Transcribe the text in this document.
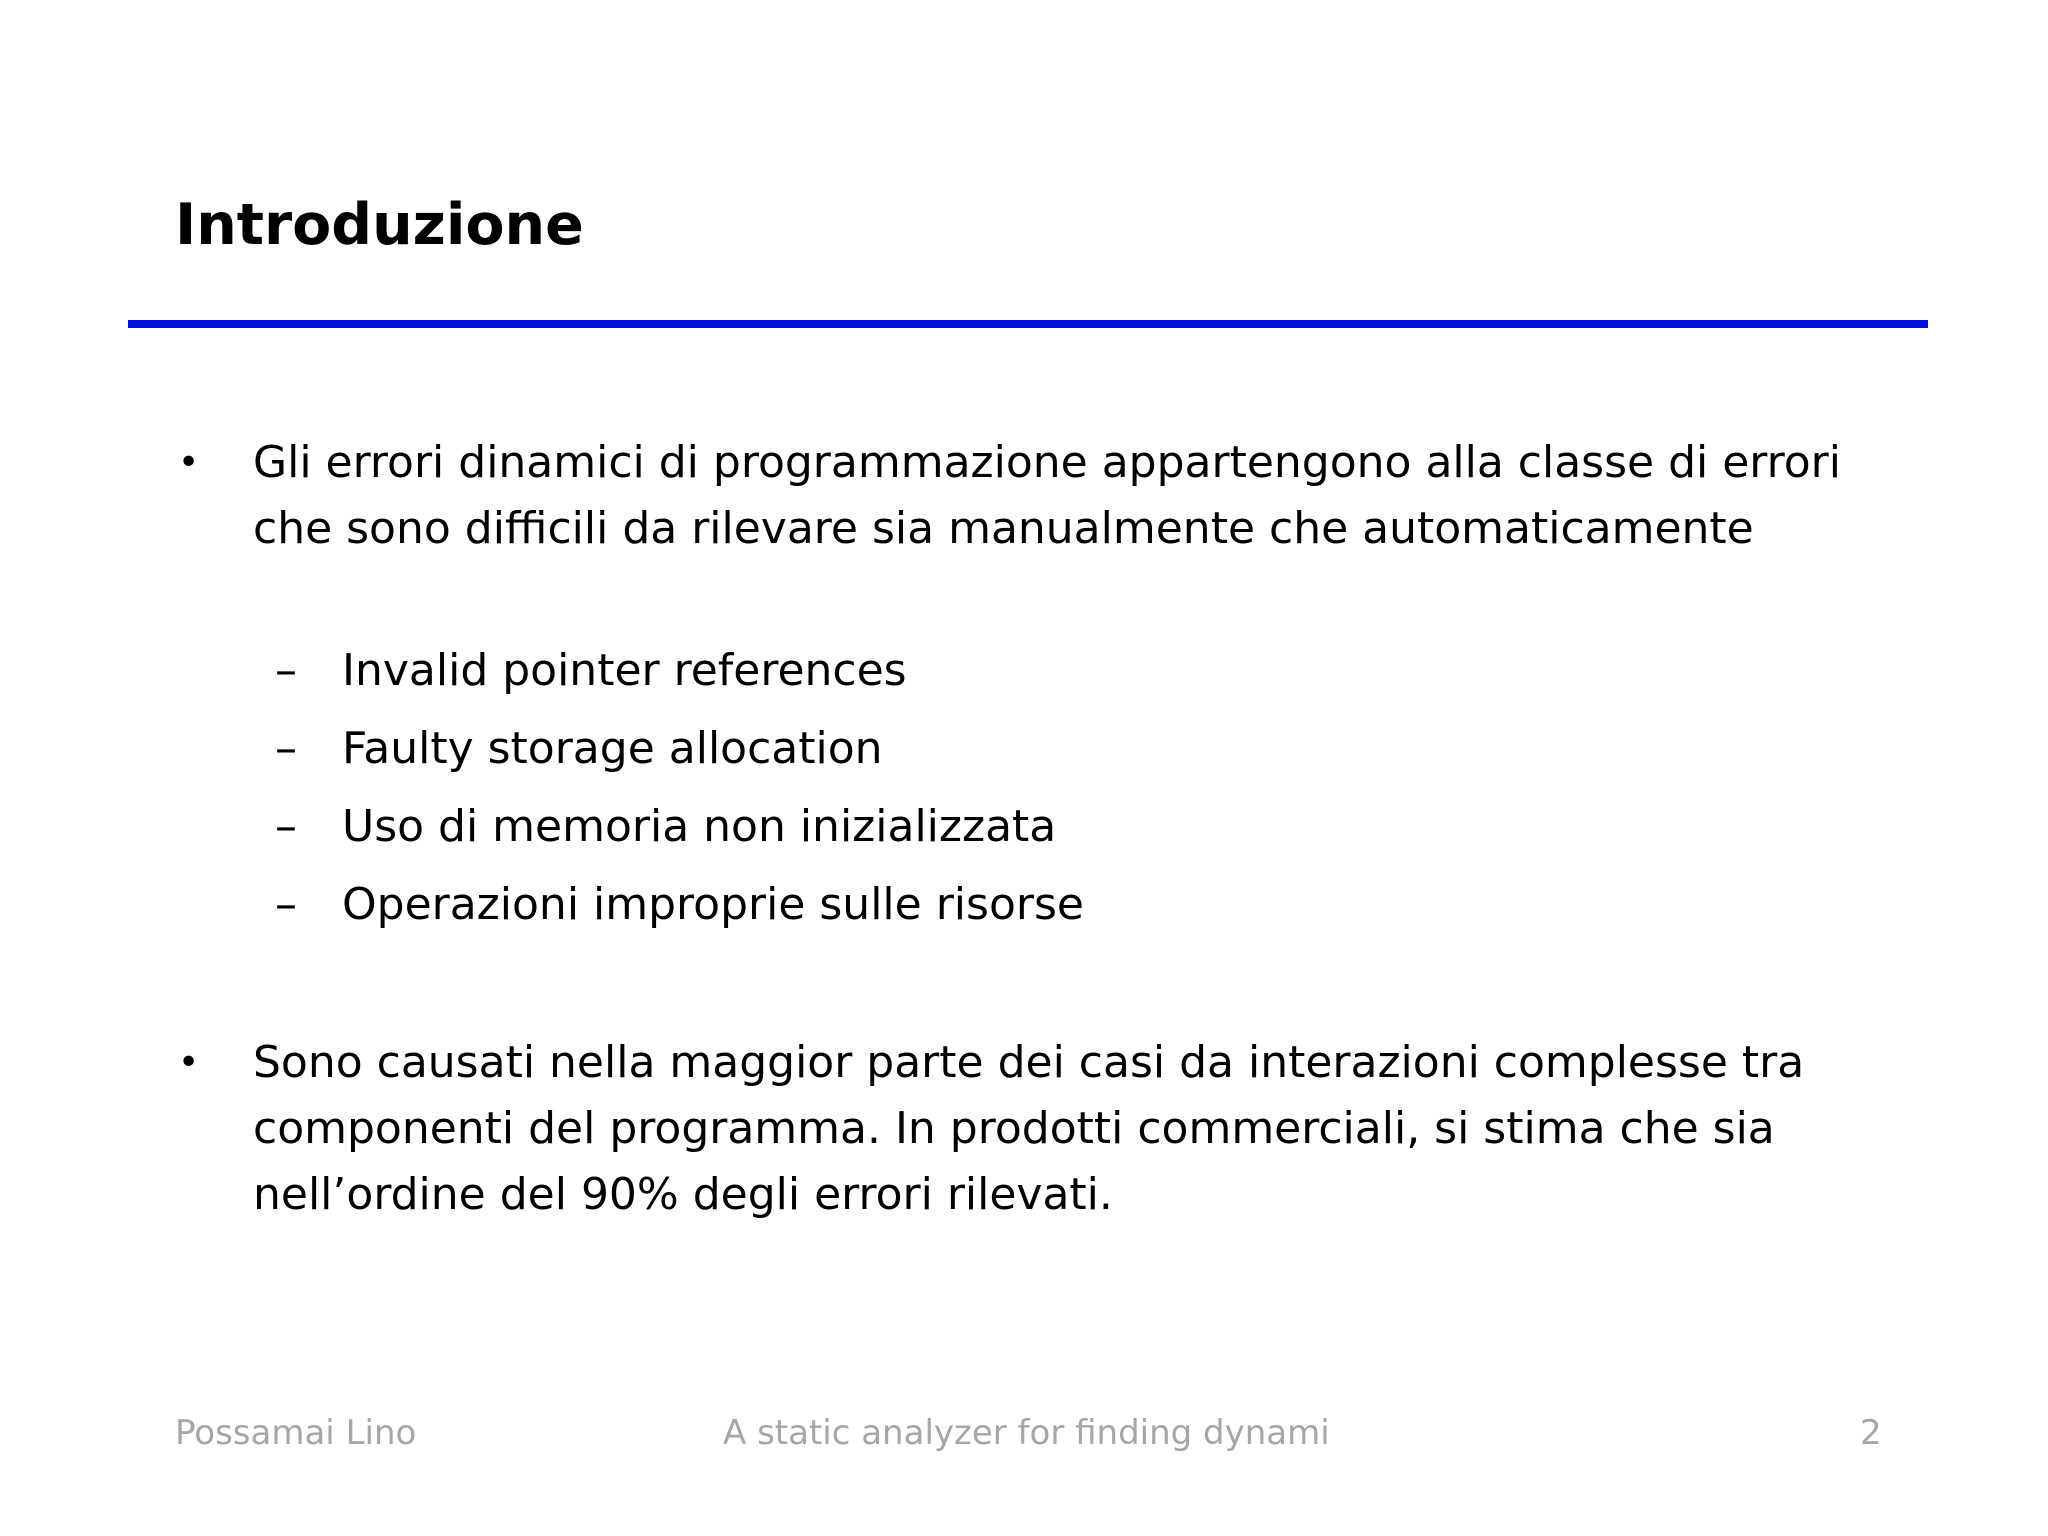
Introduzione
• Gli errori dinamici di programmazione appartengono alla classe di errori che sono difficili da rilevare sia manualmente che automaticamente
– Invalid pointer references
– Faulty storage allocation
– Uso di memoria non inizializzata
– Operazioni improprie sulle risorse
• Sono causati nella maggior parte dei casi da interazioni complesse tra componenti del programma. In prodotti commerciali, si stima che sia nell’ordine del 90% degli errori rilevati.
Possamai Lino	A static analyzer for finding dynami	2
